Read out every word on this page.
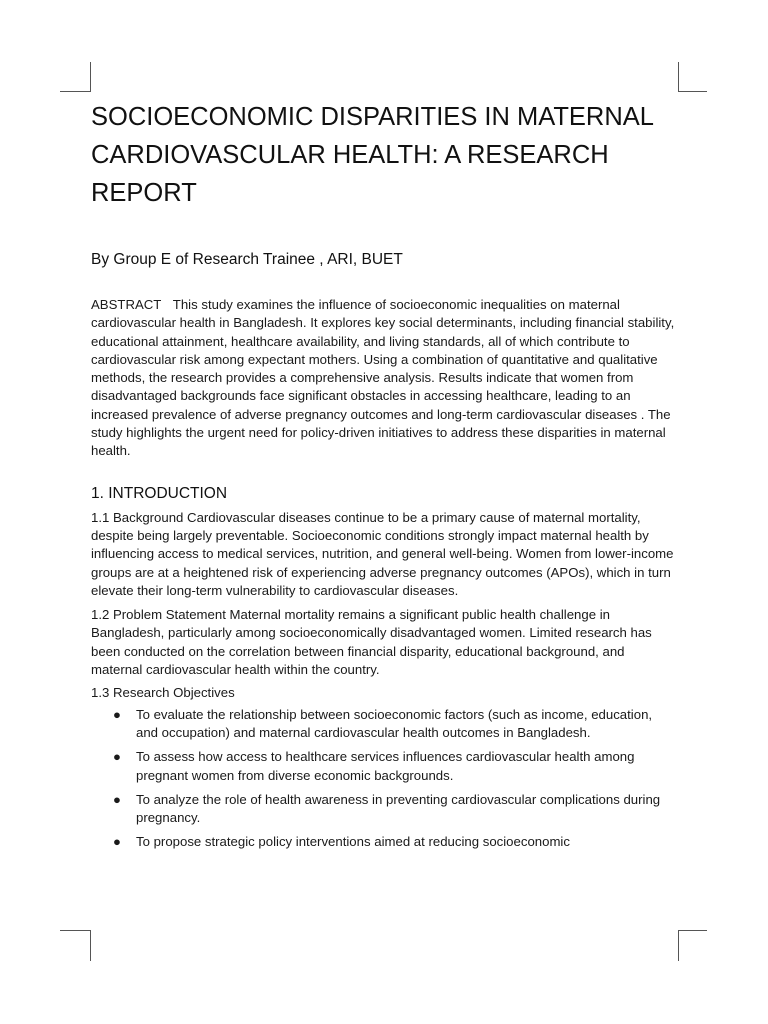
SOCIOECONOMIC DISPARITIES IN MATERNAL CARDIOVASCULAR HEALTH: A RESEARCH REPORT
By Group E of Research Trainee , ARI, BUET
ABSTRACT This study examines the influence of socioeconomic inequalities on maternal cardiovascular health in Bangladesh. It explores key social determinants, including financial stability, educational attainment, healthcare availability, and living standards, all of which contribute to cardiovascular risk among expectant mothers. Using a combination of quantitative and qualitative methods, the research provides a comprehensive analysis. Results indicate that women from disadvantaged backgrounds face significant obstacles in accessing healthcare, leading to an increased prevalence of adverse pregnancy outcomes and long-term cardiovascular diseases . The study highlights the urgent need for policy-driven initiatives to address these disparities in maternal health.
1. INTRODUCTION
1.1 Background Cardiovascular diseases continue to be a primary cause of maternal mortality, despite being largely preventable. Socioeconomic conditions strongly impact maternal health by influencing access to medical services, nutrition, and general well-being. Women from lower-income groups are at a heightened risk of experiencing adverse pregnancy outcomes (APOs), which in turn elevate their long-term vulnerability to cardiovascular diseases.
1.2 Problem Statement Maternal mortality remains a significant public health challenge in Bangladesh, particularly among socioeconomically disadvantaged women. Limited research has been conducted on the correlation between financial disparity, educational background, and maternal cardiovascular health within the country.
1.3 Research Objectives
● To evaluate the relationship between socioeconomic factors (such as income, education, and occupation) and maternal cardiovascular health outcomes in Bangladesh.
● To assess how access to healthcare services influences cardiovascular health among pregnant women from diverse economic backgrounds.
● To analyze the role of health awareness in preventing cardiovascular complications during pregnancy.
● To propose strategic policy interventions aimed at reducing socioeconomic
